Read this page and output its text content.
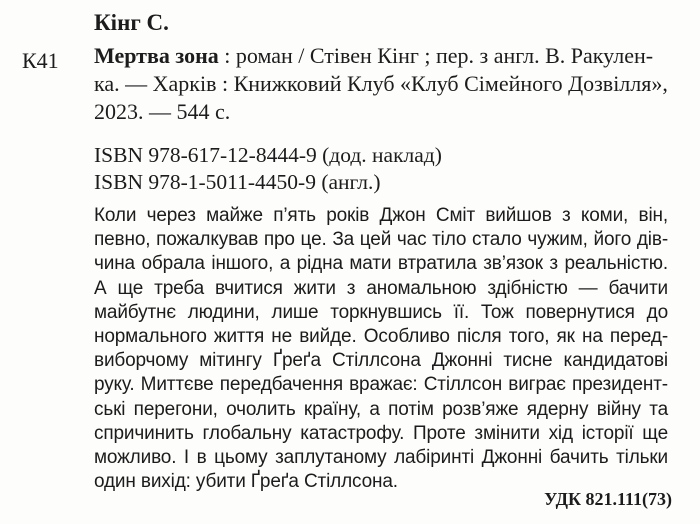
Кінг С.
К41 Мертва зона : роман / Стівен Кінг ; пер. з англ. В. Ракулен-
ка. — Харків : Книжковий Клуб «Клуб Сімейного Дозвілля»,
2023. — 544 с.
ISBN 978-617-12-8444-9 (дод. наклад)
ISBN 978-1-5011-4450-9 (англ.)
Коли через майже п’ять років Джон Сміт вийшов з коми, він,
певно, пожалкував про це. За цей час тіло стало чужим, його дів-
чина обрала іншого, а рідна мати втратила зв’язок з реальністю.
А ще треба вчитися жити з аномальною здібністю — бачити
майбутнє людини, лише торкнувшись її. Тож повернутися до
нормального життя не вийде. Особливо після того, як на перед-
виборчому мітингу Ґреґа Стіллсона Джонні тисне кандидатові
руку. Миттєве передбачення вражає: Стіллсон виграє президент-
ські перегони, очолить країну, а потім розв’яже ядерну війну та
спричинить глобальну катастрофу. Проте змінити хід історії ще
можливо. І в цьому заплутаному лабіринті Джонні бачить тільки
один вихід: убити Ґреґа Стіллсона.
УДК 821.111(73)
